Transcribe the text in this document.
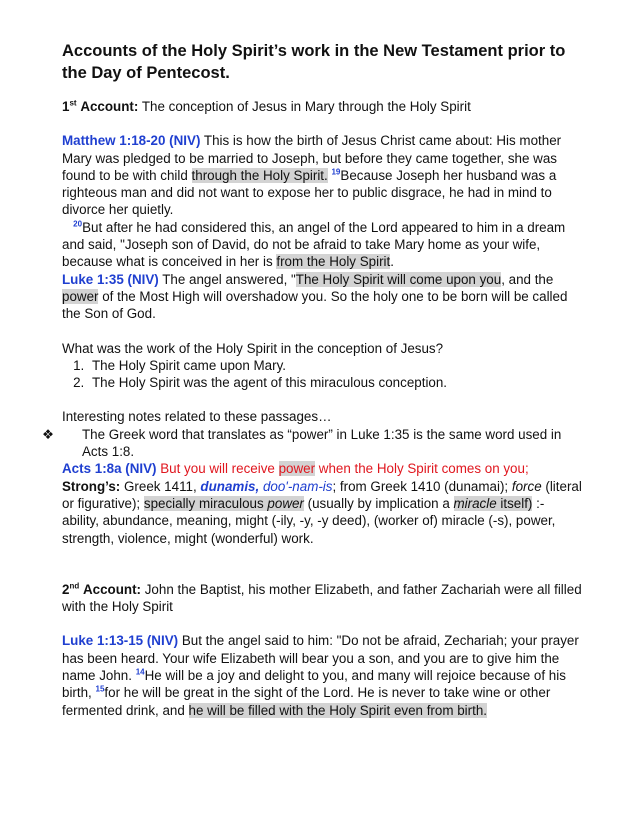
Accounts of the Holy Spirit’s work in the New Testament prior to the Day of Pentecost.

1st Account: The conception of Jesus in Mary through the Holy Spirit

Matthew 1:18-20 (NIV) This is how the birth of Jesus Christ came about: His mother Mary was pledged to be married to Joseph, but before they came together, she was found to be with child through the Holy Spirit. $^{19}$Because Joseph her husband was a righteous man and did not want to expose her to public disgrace, he had in mind to divorce her quietly.
$^{20}$But after he had considered this, an angel of the Lord appeared to him in a dream and said, "Joseph son of David, do not be afraid to take Mary home as your wife, because what is conceived in her is from the Holy Spirit.

Luke 1:35 (NIV) The angel answered, "The Holy Spirit will come upon you, and the power of the Most High will overshadow you. So the holy one to be born will be called the Son of God.

What was the work of the Holy Spirit in the conception of Jesus?

1. The Holy Spirit came upon Mary.
2. The Holy Spirit was the agent of this miraculous conception.

Interesting notes related to these passages…

❖ The Greek word that translates as “power” in Luke 1:35 is the same word used in Acts 1:8.

Acts 1:8a (NIV) But you will receive power when the Holy Spirit comes on you;

Strong’s: Greek 1411, dunamis, doo'-nam-is; from Greek 1410 (dunamai); force (literal or figurative); specially miraculous power (usually by implication a miracle itself) :- ability, abundance, meaning, might (-ily, -y, -y deed), (worker of) miracle (-s), power, strength, violence, might (wonderful) work.

2nd Account: John the Baptist, his mother Elizabeth, and father Zachariah were all filled with the Holy Spirit

Luke 1:13-15 (NIV) But the angel said to him: "Do not be afraid, Zechariah; your prayer has been heard. Your wife Elizabeth will bear you a son, and you are to give him the name John. $^{14}$He will be a joy and delight to you, and many will rejoice because of his birth, $^{15}$for he will be great in the sight of the Lord. He is never to take wine or other fermented drink, and he will be filled with the Holy Spirit even from birth.
